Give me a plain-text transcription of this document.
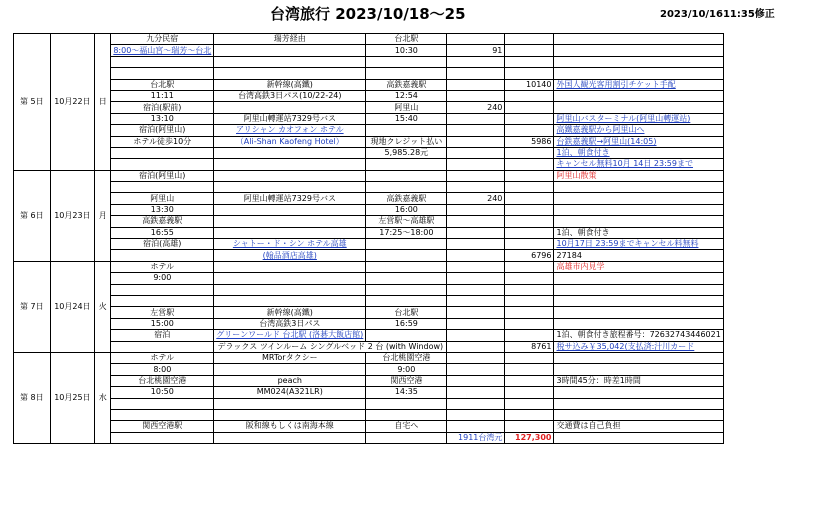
台湾旅行 2023/10/18〜25	2023/10/1611:35修正
第 5日	10月22日	日	九分民宿	瑞芳経由	台北駅			
			8:00〜福山宮〜瑞芳〜台北		10:30	91		

			台北駅	新幹線(高鐵)	高鉄嘉義駅		10140	外国人観光客用割引チケット手配
			11:11	台湾高鉄3日パス(10/22-24)	12:54			
			宿泊(駅前)		阿里山	240		
			13:10	阿里山轉運站7329号バス	15:40			阿里山バスターミナル(阿里山轉運站)
			宿泊(阿里山)	アリシャン カオフォン ホテル				高鐵嘉義駅から阿里山へ
			ホテル徒歩10分	（Ali-Shan Kaofeng Hotel）	現地クレジット払い		5986	台鉄嘉義駅→阿里山(14:05)
					5,985.28元			1泊、朝食付き
								キャンセル無料10月 14日 23:59まで
第 6日	10月23日	月	宿泊(阿里山)					阿里山散策

			阿里山	阿里山轉運站7329号バス	高鉄嘉義駅	240		
			13:30		16:00			
			高鉄嘉義駅		左営駅〜高雄駅			
			16:55		17:25〜18:00			1泊、朝食付き
			宿泊(高雄)	シャトー・ド・シン ホテル高雄				10月17日 23:59までキャンセル料無料
				(翰品酒店高雄)			6796	27184
第 7日	10月24日	火	ホテル					高雄市内見学
			9:00					

			左営駅	新幹線(高鐵)	台北駅			
			15:00	台湾高鉄3日パス	16:59			
			宿泊	グリーンワールド 台北駅 (洛碁大飯店館)				1泊、朝食付き旅程番号：72632743446021
				デラックス ツインルーム シングルベッド 2 台 (with Window)			8761	税サ込み￥35,042(支払済:汁川カード
第 8日	10月25日	水	ホテル	MRTorタクシー	台北桃園空港			
			8:00		9:00			
			台北桃園空港	peach	関西空港			3時間45分：時差1時間
			10:50	MM024(A321LR)	14:35			

			関西空港駅	阪和線もしくは南海本線	自宅へ			交通費は自己負担
						1911台湾元	127,300	
